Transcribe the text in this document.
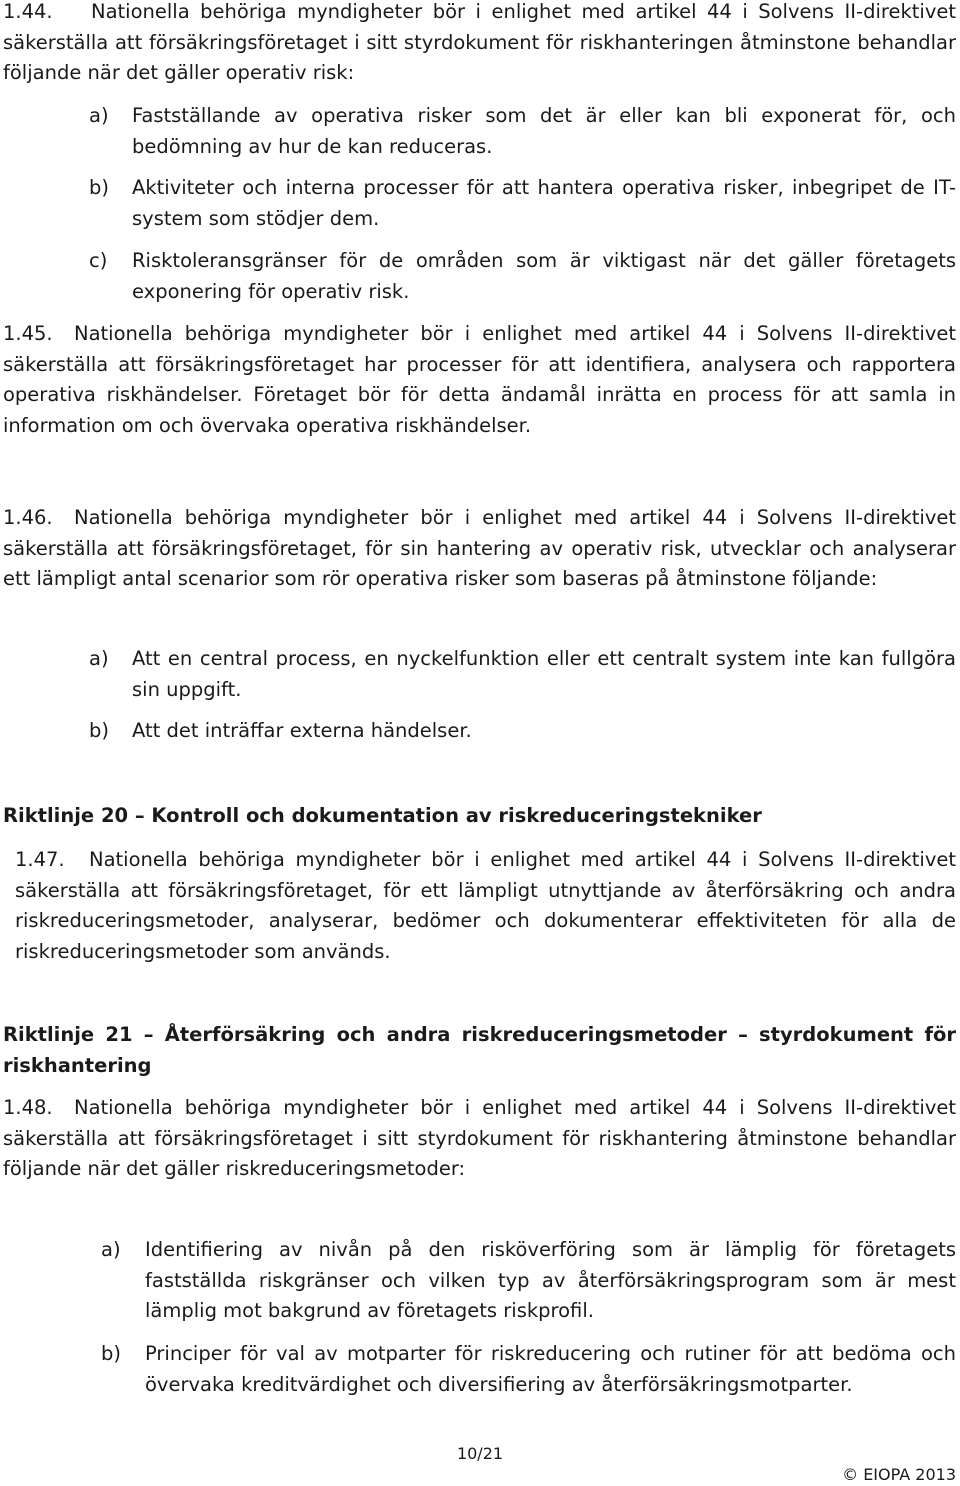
1.44. Nationella behöriga myndigheter bör i enlighet med artikel 44 i Solvens II-direktivet säkerställa att försäkringsföretaget i sitt styrdokument för riskhanteringen åtminstone behandlar följande när det gäller operativ risk:
a) Fastställande av operativa risker som det är eller kan bli exponerat för, och bedömning av hur de kan reduceras.
b) Aktiviteter och interna processer för att hantera operativa risker, inbegripet de IT-system som stödjer dem.
c) Risktoleransgränser för de områden som är viktigast när det gäller företagets exponering för operativ risk.
1.45. Nationella behöriga myndigheter bör i enlighet med artikel 44 i Solvens II-direktivet säkerställa att försäkringsföretaget har processer för att identifiera, analysera och rapportera operativa riskhändelser. Företaget bör för detta ändamål inrätta en process för att samla in information om och övervaka operativa riskhändelser.
1.46. Nationella behöriga myndigheter bör i enlighet med artikel 44 i Solvens II-direktivet säkerställa att försäkringsföretaget, för sin hantering av operativ risk, utvecklar och analyserar ett lämpligt antal scenarior som rör operativa risker som baseras på åtminstone följande:
a) Att en central process, en nyckelfunktion eller ett centralt system inte kan fullgöra sin uppgift.
b) Att det inträffar externa händelser.
Riktlinje 20 – Kontroll och dokumentation av riskreduceringstekniker
1.47. Nationella behöriga myndigheter bör i enlighet med artikel 44 i Solvens II-direktivet säkerställa att försäkringsföretaget, för ett lämpligt utnyttjande av återförsäkring och andra riskreduceringsmetoder, analyserar, bedömer och dokumenterar effektiviteten för alla de riskreduceringsmetoder som används.
Riktlinje 21 – Återförsäkring och andra riskreduceringsmetoder – styrdokument för riskhantering
1.48. Nationella behöriga myndigheter bör i enlighet med artikel 44 i Solvens II-direktivet säkerställa att försäkringsföretaget i sitt styrdokument för riskhantering åtminstone behandlar följande när det gäller riskreduceringsmetoder:
a) Identifiering av nivån på den risköverföring som är lämplig för företagets fastställda riskgränser och vilken typ av återförsäkringsprogram som är mest lämplig mot bakgrund av företagets riskprofil.
b) Principer för val av motparter för riskreducering och rutiner för att bedöma och övervaka kreditvärdighet och diversifiering av återförsäkringsmotparter.
10/21
© EIOPA 2013
